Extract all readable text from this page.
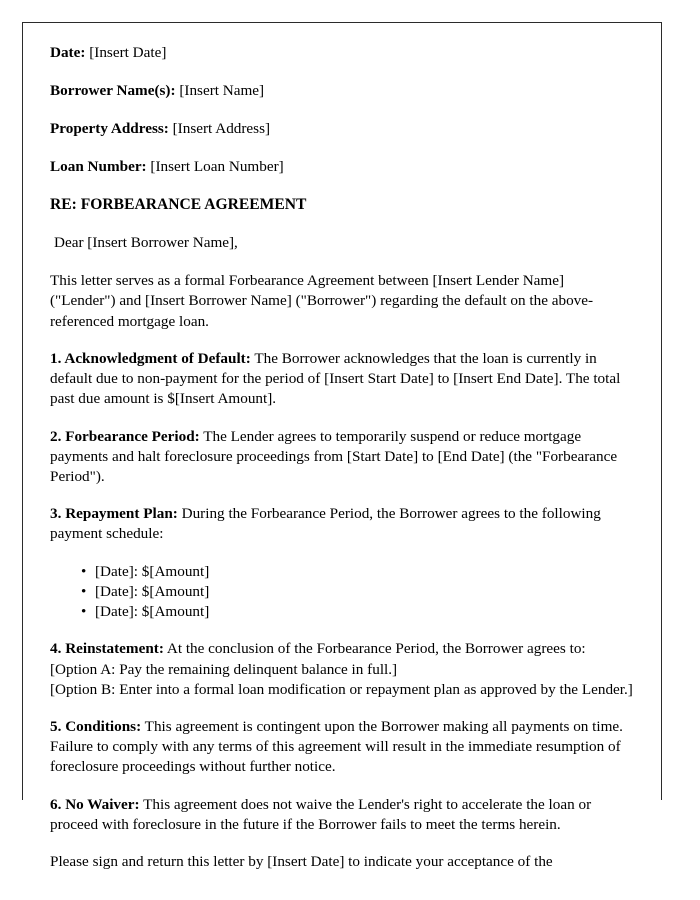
Date: [Insert Date]

Borrower Name(s): [Insert Name]

Property Address: [Insert Address]

Loan Number: [Insert Loan Number]

RE: FORBEARANCE AGREEMENT

Dear [Insert Borrower Name],

This letter serves as a formal Forbearance Agreement between [Insert Lender Name] ("Lender") and [Insert Borrower Name] ("Borrower") regarding the default on the above-referenced mortgage loan.

1. Acknowledgment of Default: The Borrower acknowledges that the loan is currently in default due to non-payment for the period of [Insert Start Date] to [Insert End Date]. The total past due amount is $[Insert Amount].

2. Forbearance Period: The Lender agrees to temporarily suspend or reduce mortgage payments and halt foreclosure proceedings from [Start Date] to [End Date] (the "Forbearance Period").

3. Repayment Plan: During the Forbearance Period, the Borrower agrees to the following payment schedule:

• [Date]: $[Amount]
• [Date]: $[Amount]
• [Date]: $[Amount]

4. Reinstatement: At the conclusion of the Forbearance Period, the Borrower agrees to:
[Option A: Pay the remaining delinquent balance in full.]
[Option B: Enter into a formal loan modification or repayment plan as approved by the Lender.]

5. Conditions: This agreement is contingent upon the Borrower making all payments on time. Failure to comply with any terms of this agreement will result in the immediate resumption of foreclosure proceedings without further notice.

6. No Waiver: This agreement does not waive the Lender's right to accelerate the loan or proceed with foreclosure in the future if the Borrower fails to meet the terms herein.

Please sign and return this letter by [Insert Date] to indicate your acceptance of the
